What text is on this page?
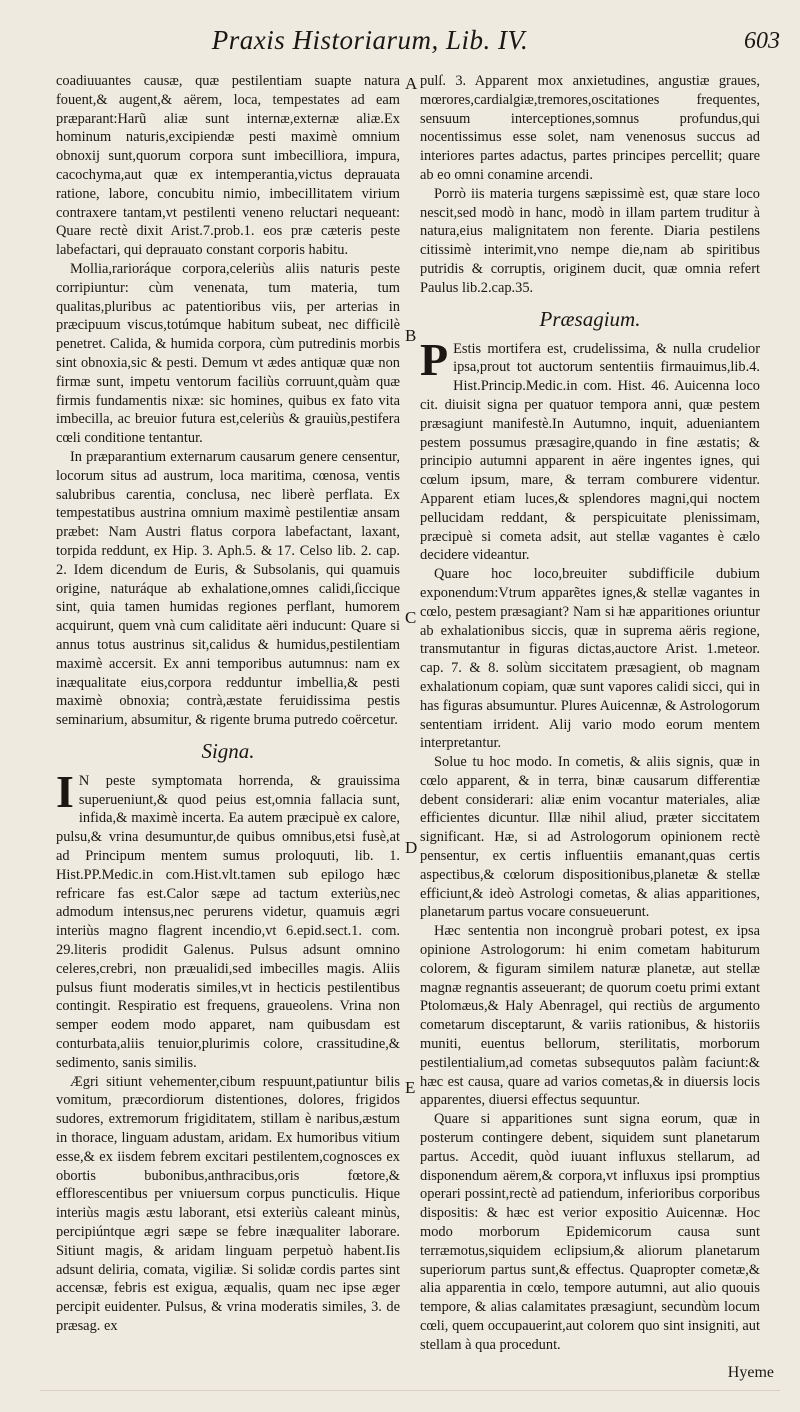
Praxis Historiarum, Lib. IV.	603
A
B
C
D
E

coadiuuantes causæ, quæ pestilentiam suapte natura fouent,& augent,& aërem, loca, tempestates ad eam præparant:Harũ aliæ sunt internæ,externæ aliæ.Ex hominum naturis,excipiendæ pesti maximè omnium obnoxij sunt,quorum corpora sunt imbecilliora, impura, cacochyma,aut quæ ex intemperantia,victus deprauata ratione, labore, concubitu nimio, imbecillitatem virium contraxere tantam,vt pestilenti veneno reluctari nequeant: Quare rectè dixit Arist.7.prob.1. eos præ cæteris peste labefactari, qui deprauato constant corporis habitu.

Mollia,rarioráque corpora,celeriùs aliis naturis peste corripiuntur: cùm venenata, tum materia, tum qualitas,pluribus ac patentioribus viis, per arterias in præcipuum viscus,totúmque habitum subeat, nec difficilè penetret. Calida, & humida corpora, cùm putredinis morbis sint obnoxia,sic & pesti. Demum vt ædes antiquæ quæ non firmæ sunt, impetu ventorum faciliùs corruunt,quàm quæ firmis fundamentis nixæ: sic homines, quibus ex fato vita imbecilla, ac breuior futura est,celeriùs & grauiùs,pestifera cœli conditione tentantur.

In præparantium externarum causarum genere censentur, locorum situs ad austrum, loca maritima, cœnosa, ventis salubribus carentia, conclusa, nec liberè perflata. Ex tempestatibus austrina omnium maximè pestilentiæ ansam præbet: Nam Austri flatus corpora labefactant, laxant, torpida reddunt, ex Hip. 3. Aph.5. & 17. Celso lib. 2. cap. 2. Idem dicendum de Euris, & Subsolanis, qui quamuis origine, naturáque ab exhalatione,omnes calidi,ſiccique sint, quia tamen humidas regiones perflant, humorem acquirunt, quem vnà cum caliditate aëri inducunt: Quare si annus totus austrinus sit,calidus & humidus,pestilentiam maximè accersit. Ex anni temporibus autumnus: nam ex inæqualitate eius,corpora redduntur imbellia,& pesti maximè obnoxia; contrà,æstate feruidissima pestis seminarium, absumitur, & rigente bruma putredo coërcetur.

Signa.

I N peste symptomata horrenda, & grauissima superueniunt,& quod peius est,omnia fallacia sunt, infida,& maximè incerta. Ea autem præcipuè ex calore, pulsu,& vrina desumuntur,de quibus omnibus,etsi fusè,at ad Principum mentem sumus proloquuti, lib. 1. Hist.PP.Medic.in com.Hist.vlt.tamen sub epilogo hæc refricare fas est.Calor sæpe ad tactum exteriùs,nec admodum intensus,nec perurens videtur, quamuis ægri interiùs magno flagrent incendio,vt 6.epid.sect.1. com. 29.literis prodidit Galenus. Pulsus adsunt omnino celeres,crebri, non præualidi,sed imbecilles magis. Aliis pulsus fiunt moderatis similes,vt in hecticis pestilentibus contingit. Respiratio est frequens, graueolens. Vrina non semper eodem modo apparet, nam quibusdam est conturbata,aliis tenuior,plurimis colore, crassitudine,& sedimento, sanis similis.

Ægri sitiunt vehementer,cibum respuunt,patiuntur bilis vomitum, præcordiorum distentiones, dolores, frigidos sudores, extremorum frigiditatem, stillam è naribus,æstum in thorace, linguam adustam, aridam. Ex humoribus vitium esse,& ex iisdem febrem excitari pestilentem,cognosces ex obortis bubonibus,anthracibus,oris fœtore,& efflorescentibus per vniuersum corpus puncticulis. Hique interiùs magis æstu laborant, etsi exteriùs caleant minùs, percipiúntque ægri sæpe se febre inæqualiter laborare. Sitiunt magis, & aridam linguam perpetuò habent.Iis adsunt deliria, comata, vigiliæ. Si solidæ cordis partes sint accensæ, febris est exigua, æqualis, quam nec ipse æger percipit euidenter. Pulsus, & vrina moderatis similes, 3. de præsag. ex

pulſ. 3. Apparent mox anxietudines, angustiæ graues, mœrores,cardialgiæ,tremores,oscitationes frequentes, sensuum interceptiones,somnus profundus,qui nocentissimus esse solet, nam venenosus succus ad interiores partes adactus, partes principes percellit; quare ab eo omni conamine arcendi.

Porrò iis materia turgens sæpissimè est, quæ stare loco nescit,sed modò in hanc, modò in illam partem truditur à natura,eius malignitatem non ferente. Diaria pestilens citissimè interimit,vno nempe die,nam ab spiritibus putridis & corruptis, originem ducit, quæ omnia refert Paulus lib.2.cap.35.

Præsagium.

P Estis mortifera est, crudelissima, & nulla crudelior ipsa,prout tot auctorum sententiis firmauimus,lib.4. Hist.Princip.Medic.in com. Hist. 46. Auicenna loco cit. diuisit signa per quatuor tempora anni, quæ pestem præsagiunt manifestè.In Autumno, inquit, adueniantem pestem possumus præsagire,quando in fine æstatis; & principio autumni apparent in aëre ingentes ignes, qui cœlum ipsum, mare, & terram comburere videntur. Apparent etiam luces,& splendores magni,qui noctem pellucidam reddant, & perspicuitate plenissimam, præcipuè si cometa adsit, aut stellæ vagantes è cælo decidere videantur.

Quare hoc loco,breuiter subdifficile dubium exponendum:Vtrum apparẽtes ignes,& stellæ vagantes in cœlo, pestem præsagiant? Nam si hæ apparitiones oriuntur ab exhalationibus siccis, quæ in suprema aëris regione, transmutantur in figuras dictas,auctore Arist. 1.meteor. cap. 7. & 8. solùm siccitatem præsagient, ob magnam exhalationum copiam, quæ sunt vapores calidi sicci, qui in has figuras absumuntur. Plures Auicennæ, & Astrologorum sententiam irrident. Alij vario modo eorum mentem interpretantur.

Solue tu hoc modo. In cometis, & aliis signis, quæ in cœlo apparent, & in terra, binæ causarum differentiæ debent considerari: aliæ enim vocantur materiales, aliæ efficientes dicuntur. Illæ nihil aliud, præter siccitatem significant. Hæ, si ad Astrologorum opinionem rectè pensentur, ex certis influentiis emanant,quas certis aspectibus,& cœlorum dispositionibus,planetæ & stellæ efficiunt,& ideò Astrologi cometas, & alias apparitiones, planetarum partus vocare consueuerunt.

Hæc sententia non incongruè probari potest, ex ipsa opinione Astrologorum: hi enim cometam habiturum colorem, & figuram similem naturæ planetæ, aut stellæ magnæ regnantis asseuerant; de quorum coetu primi extant Ptolomæus,& Haly Abenragel, qui rectiùs de argumento cometarum disceptarunt, & variis rationibus, & historiis muniti, euentus bellorum, sterilitatis, morborum pestilentialium,ad cometas subsequutos palàm faciunt:& hæc est causa, quare ad varios cometas,& in diuersis locis apparentes, diuersi effectus sequuntur.

Quare si apparitiones sunt signa eorum, quæ in posterum contingere debent, siquidem sunt planetarum partus. Accedit, quòd iuuant influxus stellarum, ad disponendum aërem,& corpora,vt influxus ipsi promptius operari possint,rectè ad patiendum, inferioribus corporibus dispositis: & hæc est verior expositio Auicennæ. Hoc modo morborum Epidemicorum causa sunt terræmotus,siquidem eclipsium,& aliorum planetarum superiorum partus sunt,& effectus. Quapropter cometæ,& alia apparentia in cœlo, tempore autumni, aut alio quouis tempore, & alias calamitates præsagiunt, secundùm locum cœli, quem occupauerint,aut colorem quo sint insigniti, aut stellam à qua procedunt.

Hyeme
